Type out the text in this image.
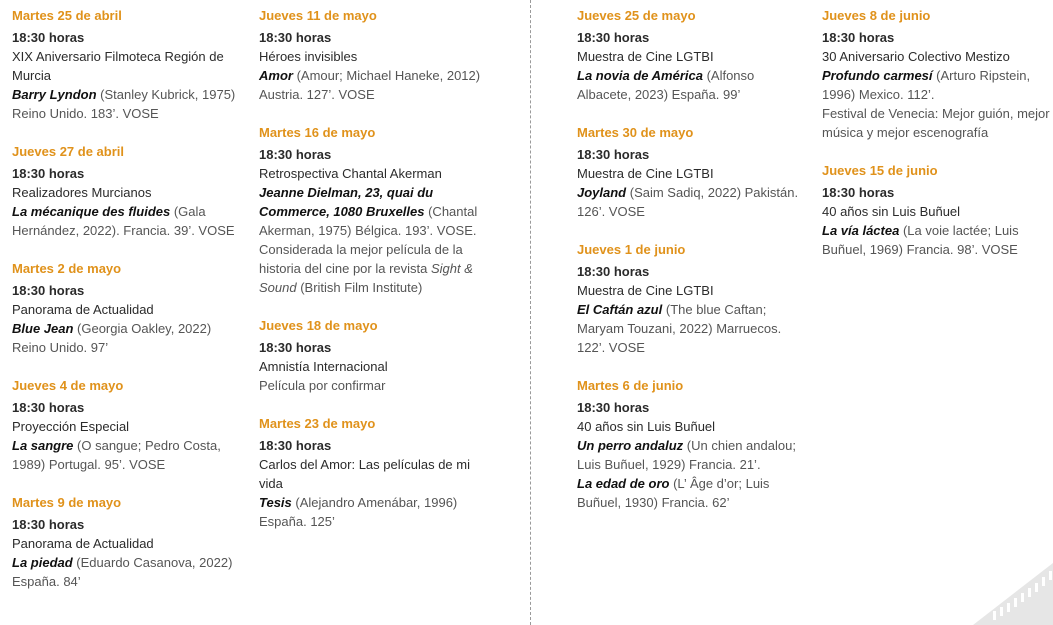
Martes 25 de abril
18:30 horas
XIX Aniversario Filmoteca Región de Murcia
Barry Lyndon (Stanley Kubrick, 1975) Reino Unido. 183’. VOSE
Jueves 27 de abril
18:30 horas
Realizadores Murcianos
La mécanique des fluides (Gala Hernández, 2022). Francia. 39’. VOSE
Martes 2 de mayo
18:30 horas
Panorama de Actualidad
Blue Jean (Georgia Oakley, 2022) Reino Unido. 97’
Jueves 4 de mayo
18:30 horas
Proyección Especial
La sangre (O sangue; Pedro Costa, 1989) Portugal. 95’. VOSE
Martes 9 de mayo
18:30 horas
Panorama de Actualidad
La piedad (Eduardo Casanova, 2022) España. 84’
Jueves 11 de mayo
18:30 horas
Héroes invisibles
Amor (Amour; Michael Haneke, 2012) Austria. 127’. VOSE
Martes 16 de mayo
18:30 horas
Retrospectiva Chantal Akerman
Jeanne Dielman, 23, quai du Commerce, 1080 Bruxelles (Chantal Akerman, 1975) Bélgica. 193’. VOSE.
Considerada la mejor película de la historia del cine por la revista Sight & Sound (British Film Institute)
Jueves 18 de mayo
18:30 horas
Amnistía Internacional
Película por confirmar
Martes 23 de mayo
18:30 horas
Carlos del Amor: Las películas de mi vida
Tesis (Alejandro Amenábar, 1996) España. 125’
Jueves 25 de mayo
18:30 horas
Muestra de Cine LGTBI
La novia de América (Alfonso Albacete, 2023) España. 99’
Martes 30 de mayo
18:30 horas
Muestra de Cine LGTBI
Joyland (Saim Sadiq, 2022) Pakistán. 126’. VOSE
Jueves 1 de junio
18:30 horas
Muestra de Cine LGTBI
El Caftán azul (The blue Caftan; Maryam Touzani, 2022) Marruecos. 122’. VOSE
Martes 6 de junio
18:30 horas
40 años sin Luis Buñuel
Un perro andaluz (Un chien andalou; Luis Buñuel, 1929) Francia. 21’.
La edad de oro (L’ Âge d’or; Luis Buñuel, 1930) Francia. 62’
Jueves 8 de junio
18:30 horas
30 Aniversario Colectivo Mestizo
Profundo carmesí (Arturo Ripstein, 1996) Mexico. 112’.
Festival de Venecia: Mejor guión, mejor música y mejor escenografía
Jueves 15 de junio
18:30 horas
40 años sin Luis Buñuel
La vía láctea (La voie lactée; Luis Buñuel, 1969) Francia. 98’. VOSE
